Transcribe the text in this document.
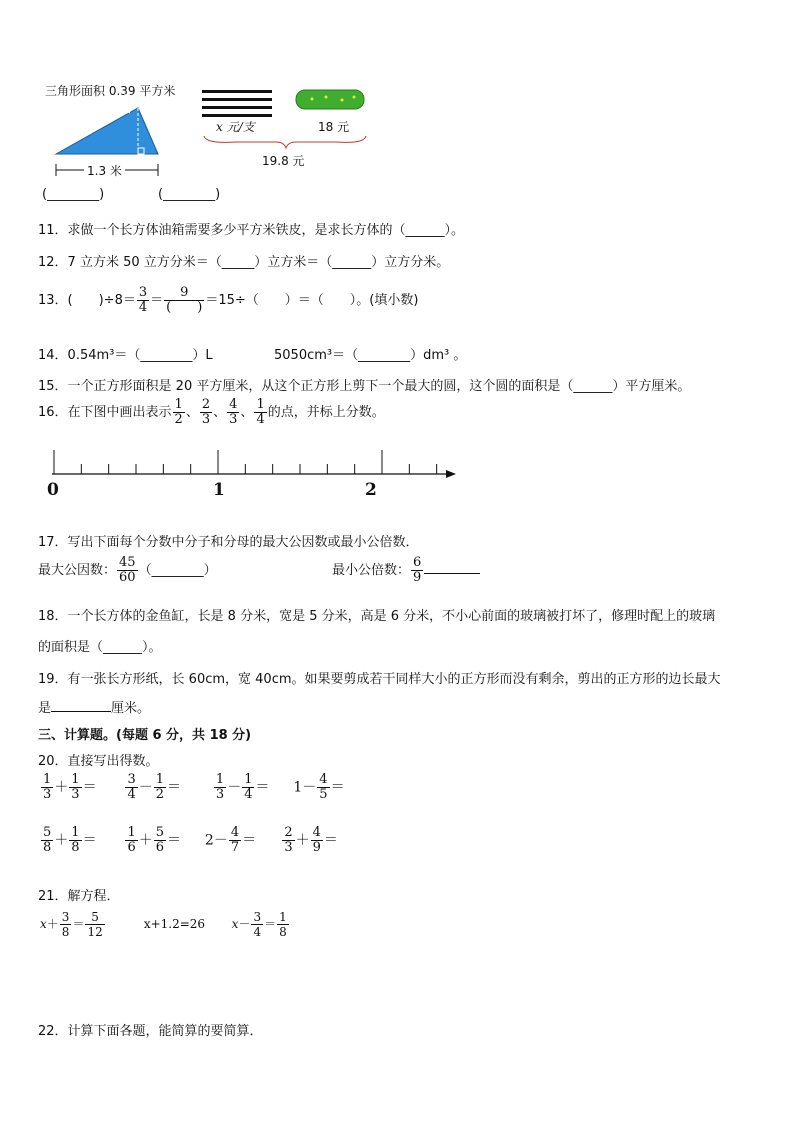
三角形面积 0.39 平方米
x 米
1.3 米
x 元/支	18 元
19.8 元
(________)	(________)
11．求做一个长方体油箱需要多少平方米铁皮，是求长方体的（______）。
12．7 立方米 50 立方分米＝（_____）立方米＝（______）立方分米。
13．(　　)$\div 8= \frac{3}{4} = \frac{9}{( )} =15\div$（　　）＝（　　）。(填小数)
14．0.54m³＝（________）L	5050cm³＝（________）dm³ 。
15．一个正方形面积是 20 平方厘米，从这个正方形上剪下一个最大的圆，这个圆的面积是（______）平方厘米。
16．在下图中画出表示 $\frac{1}{2}$ 、 $\frac{2}{3}$ 、 $\frac{4}{3}$ 、 $\frac{1}{4}$ 的点，并标上分数。
0	1	2
17．写出下面每个分数中分子和分母的最大公因数或最小公倍数．
最大公因数： $\frac{45}{60}$ （________）	最小公倍数： $\frac{6}{9}$
18．一个长方体的金鱼缸，长是 8 分米，宽是 5 分米，高是 6 分米，不小心前面的玻璃被打坏了，修理时配上的玻璃
的面积是（______）。
19．有一张长方形纸，长 60cm，宽 40cm。如果要剪成若干同样大小的正方形而没有剩余，剪出的正方形的边长最大
是	厘米。
三、计算题。(每题 6 分，共 18 分)
20．直接写出得数。
$\frac{1}{3} + \frac{1}{3} = \frac{3}{4} - \frac{1}{2}$ ＝	$\frac{1}{3} - \frac{1}{4} = 1- \frac{4}{5}$ ＝
$\frac{5}{8} + \frac{1}{8} = \frac{1}{6} + \frac{5}{6} = 2- \frac{4}{7} = \frac{2}{3} + \frac{4}{9}$ ＝
21．解方程．
$x+ \frac{3}{8} = \frac{5}{12}$	x+1.2=26 $x- \frac{3}{4} = \frac{1}{8}$
22．计算下面各题，能简算的要简算．
